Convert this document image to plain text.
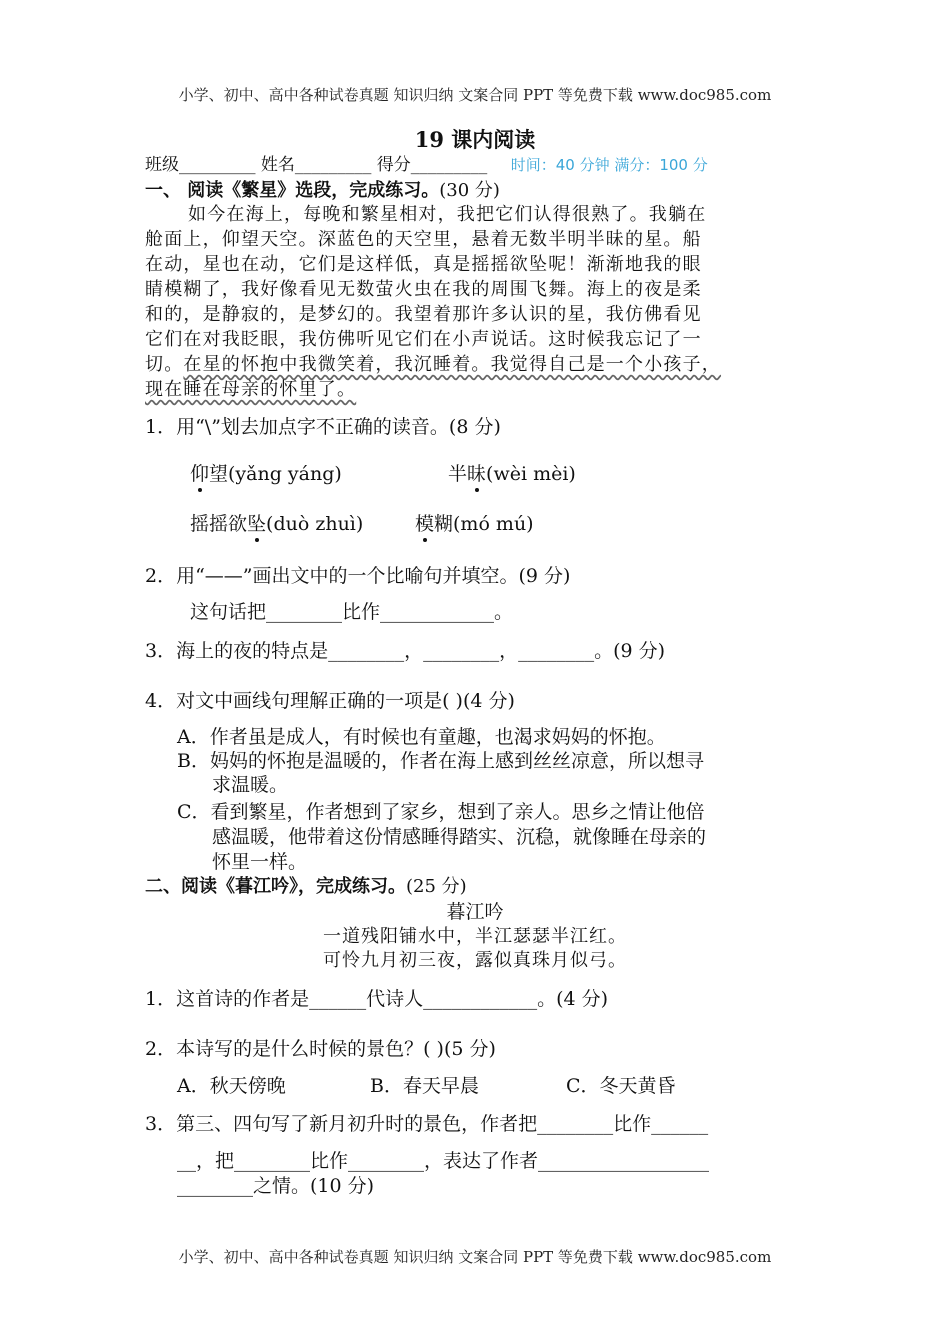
小学、初中、高中各种试卷真题 知识归纳 文案合同 PPT 等免费下载 www.doc985.com
19 课内阅读
班级_________ 姓名_________ 得分_________ 时间：40 分钟 满分：100 分
一、 阅读《繁星》选段，完成练习。(30 分)
如今在海上，每晚和繁星相对，我把它们认得很熟了。我躺在
舱面上，仰望天空。深蓝色的天空里，悬着无数半明半昧的星。船
在动，星也在动，它们是这样低，真是摇摇欲坠呢！渐渐地我的眼
睛模糊了，我好像看见无数萤火虫在我的周围飞舞。海上的夜是柔
和的，是静寂的，是梦幻的。我望着那许多认识的星，我仿佛看见
它们在对我眨眼，我仿佛听见它们在小声说话。这时候我忘记了一
切。在星的怀抱中我微笑着，我沉睡着。我觉得自己是一个小孩子，
现在睡在母亲的怀里了。
1．用“\”划去加点字不正确的读音。(8 分)
仰望(yǎng yáng)	半昧(wèi mèi)
摇摇欲坠(duò zhuì)	模糊(mó mú)
2．用“——”画出文中的一个比喻句并填空。(9 分)
这句话把________比作____________。
3．海上的夜的特点是________，________，________。(9 分)
4．对文中画线句理解正确的一项是( )(4 分)
A．作者虽是成人，有时候也有童趣，也渴求妈妈的怀抱。
B．妈妈的怀抱是温暖的，作者在海上感到丝丝凉意，所以想寻
求温暖。
C．看到繁星，作者想到了家乡，想到了亲人。思乡之情让他倍
感温暖，他带着这份情感睡得踏实、沉稳，就像睡在母亲的
怀里一样。
二、阅读《暮江吟》，完成练习。(25 分)
暮江吟
一道残阳铺水中，半江瑟瑟半江红。
可怜九月初三夜，露似真珠月似弓。
1．这首诗的作者是______代诗人____________。(4 分)
2．本诗写的是什么时候的景色？( )(5 分)
A．秋天傍晚	B．春天早晨	C．冬天黄昏
3．第三、四句写了新月初升时的景色，作者把________比作______
__，把________比作________，表达了作者__________________
________之情。(10 分)
小学、初中、高中各种试卷真题 知识归纳 文案合同 PPT 等免费下载 www.doc985.com
